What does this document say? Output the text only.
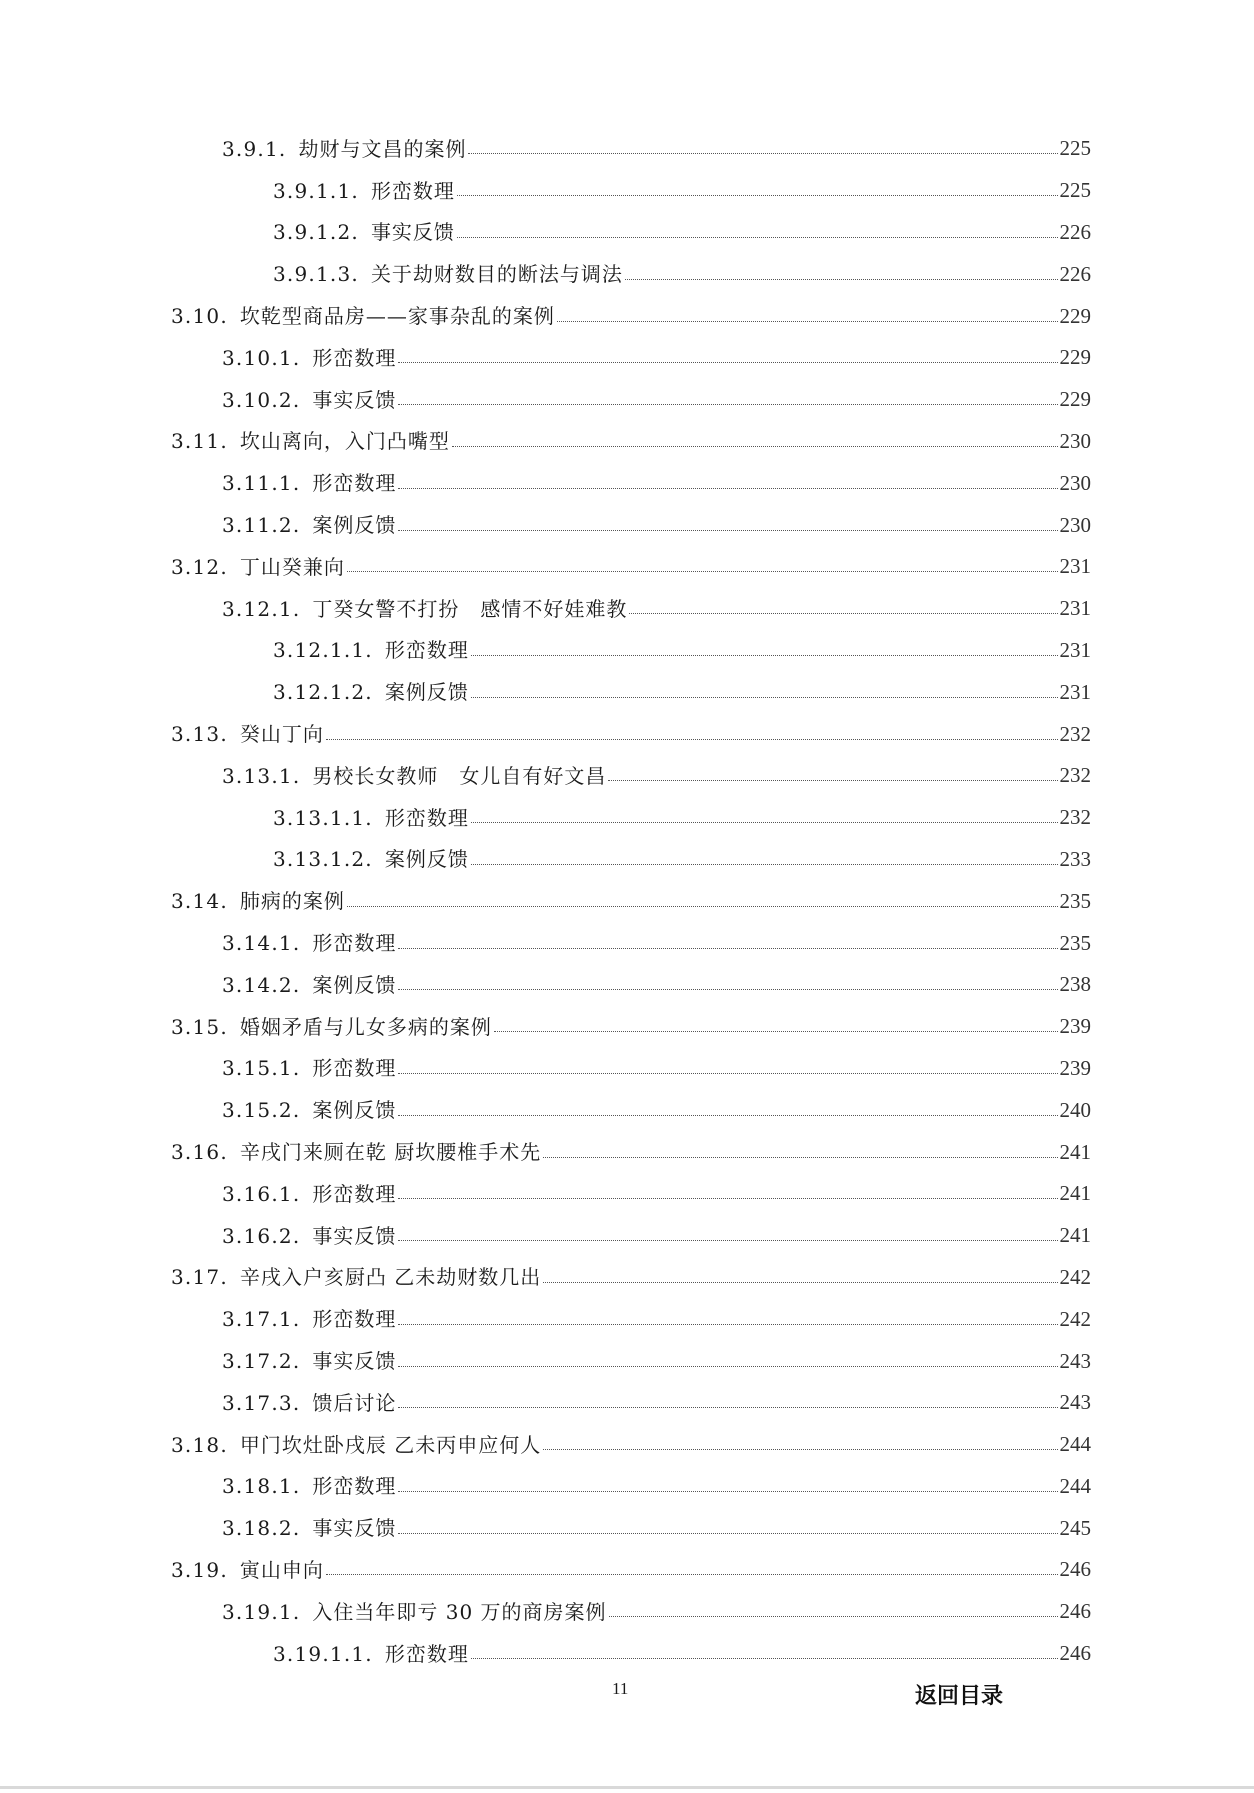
3.9.1. 劫财与文昌的案例	225
3.9.1.1. 形峦数理	225
3.9.1.2. 事实反馈	226
3.9.1.3. 关于劫财数目的断法与调法	226
3.10. 坎乾型商品房——家事杂乱的案例	229
3.10.1. 形峦数理	229
3.10.2. 事实反馈	229
3.11. 坎山离向，入门凸嘴型	230
3.11.1. 形峦数理	230
3.11.2. 案例反馈	230
3.12. 丁山癸兼向	231
3.12.1. 丁癸女警不打扮　感情不好娃难教	231
3.12.1.1. 形峦数理	231
3.12.1.2. 案例反馈	231
3.13. 癸山丁向	232
3.13.1. 男校长女教师　女儿自有好文昌	232
3.13.1.1. 形峦数理	232
3.13.1.2. 案例反馈	233
3.14. 肺病的案例	235
3.14.1. 形峦数理	235
3.14.2. 案例反馈	238
3.15. 婚姻矛盾与儿女多病的案例	239
3.15.1. 形峦数理	239
3.15.2. 案例反馈	240
3.16. 辛戌门来厕在乾 厨坎腰椎手术先	241
3.16.1. 形峦数理	241
3.16.2. 事实反馈	241
3.17. 辛戌入户亥厨凸 乙未劫财数几出	242
3.17.1. 形峦数理	242
3.17.2. 事实反馈	243
3.17.3. 馈后讨论	243
3.18. 甲门坎灶卧戌辰 乙未丙申应何人	244
3.18.1. 形峦数理	244
3.18.2. 事实反馈	245
3.19. 寅山申向	246
3.19.1. 入住当年即亏 30 万的商房案例	246
3.19.1.1. 形峦数理	246
11	返回目录
